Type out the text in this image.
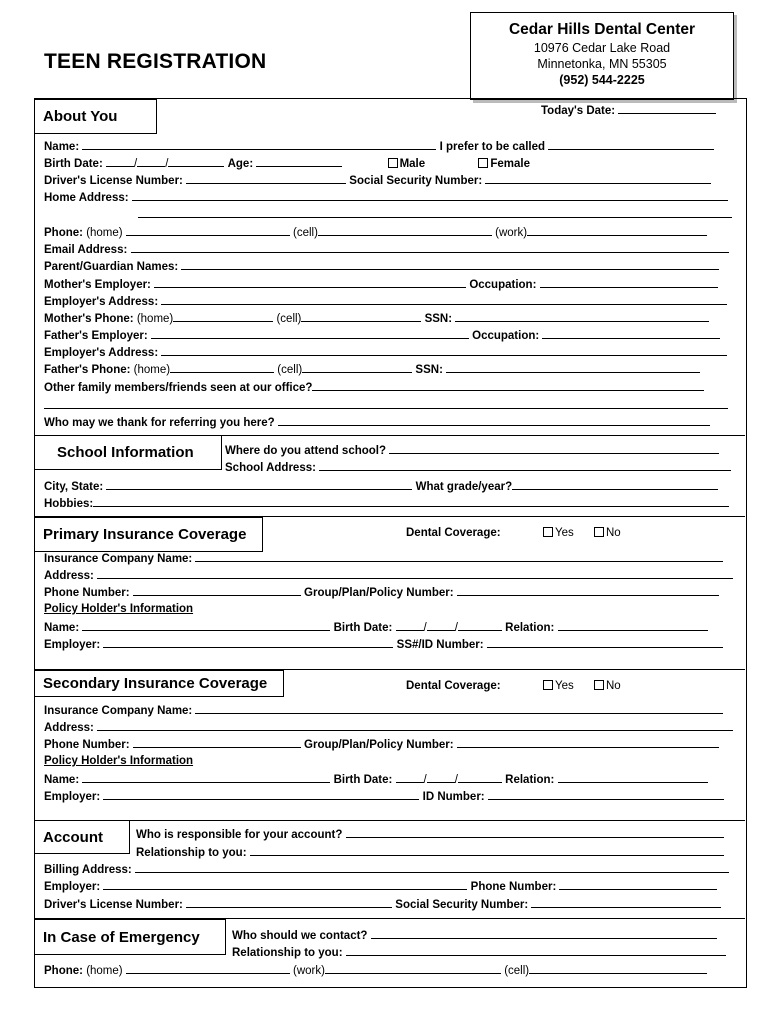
TEEN REGISTRATION
Cedar Hills Dental Center
10976 Cedar Lake Road
Minnetonka, MN 55305
(952) 544-2225
About You	Today's Date:
Name:	I prefer to be called
Birth Date:	/ /	Age:	Male	Female
Driver's License Number:	Social Security Number:
Home Address:
Phone: (home)	(cell)	(work)
Email Address:
Parent/Guardian Names:
Mother's Employer:	Occupation:
Employer's Address:
Mother's Phone: (home)	(cell)	SSN:
Father's Employer:	Occupation:
Employer's Address:
Father's Phone: (home)	(cell)	SSN:
Other family members/friends seen at our office?
Who may we thank for referring you here?
School Information	Where do you attend school?
School Address:
City, State:	What grade/year?
Hobbies:
Primary Insurance Coverage	Dental Coverage:	Yes	No
Insurance Company Name:
Address:
Phone Number:	Group/Plan/Policy Number:
Policy Holder's Information
Name:	Birth Date:	/ /	Relation:
Employer:	SS#/ID Number:
Secondary Insurance Coverage	Dental Coverage:	Yes	No
Insurance Company Name:
Address:
Phone Number:	Group/Plan/Policy Number:
Policy Holder's Information
Name:	Birth Date:	/ /	Relation:
Employer:	ID Number:
Account	Who is responsible for your account?
Relationship to you:
Billing Address:
Employer:	Phone Number:
Driver's License Number:	Social Security Number:
In Case of Emergency	Who should we contact?
Relationship to you:
Phone: (home)	(work)	(cell)
